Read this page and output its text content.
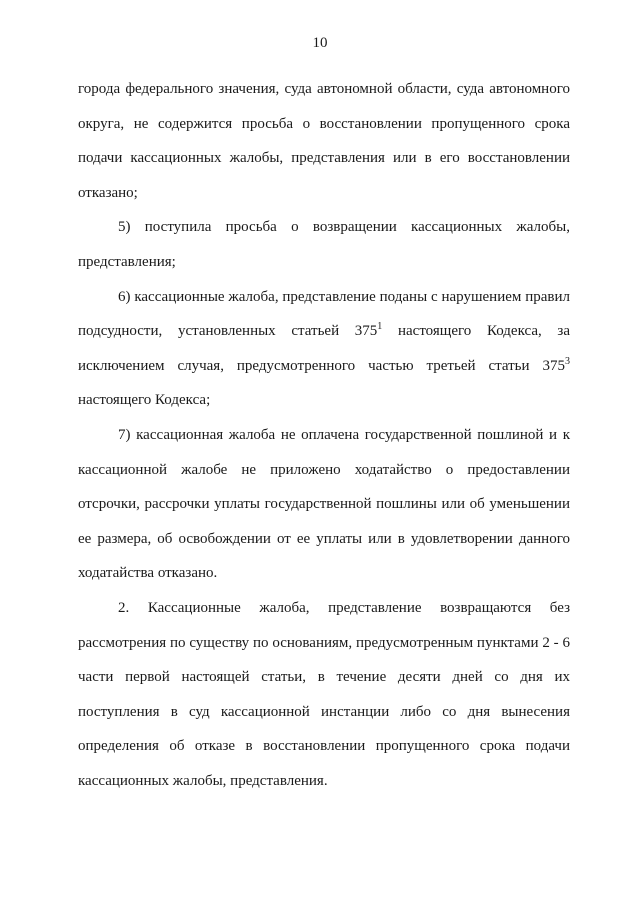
10

города федерального значения, суда автономной области, суда автономного округа, не содержится просьба о восстановлении пропущенного срока подачи кассационных жалобы, представления или в его восстановлении отказано;

5) поступила просьба о возвращении кассационных жалобы, представления;

6) кассационные жалоба, представление поданы с нарушением правил подсудности, установленных статьей $375^1$ настоящего Кодекса, за исключением случая, предусмотренного частью третьей статьи $375^3$ настоящего Кодекса;

7) кассационная жалоба не оплачена государственной пошлиной и к кассационной жалобе не приложено ходатайство о предоставлении отсрочки, рассрочки уплаты государственной пошлины или об уменьшении ее размера, об освобождении от ее уплаты или в удовлетворении данного ходатайства отказано.

2. Кассационные жалоба, представление возвращаются без рассмотрения по существу по основаниям, предусмотренным пунктами 2 - 6 части первой настоящей статьи, в течение десяти дней со дня их поступления в суд кассационной инстанции либо со дня вынесения определения об отказе в восстановлении пропущенного срока подачи кассационных жалобы, представления.
